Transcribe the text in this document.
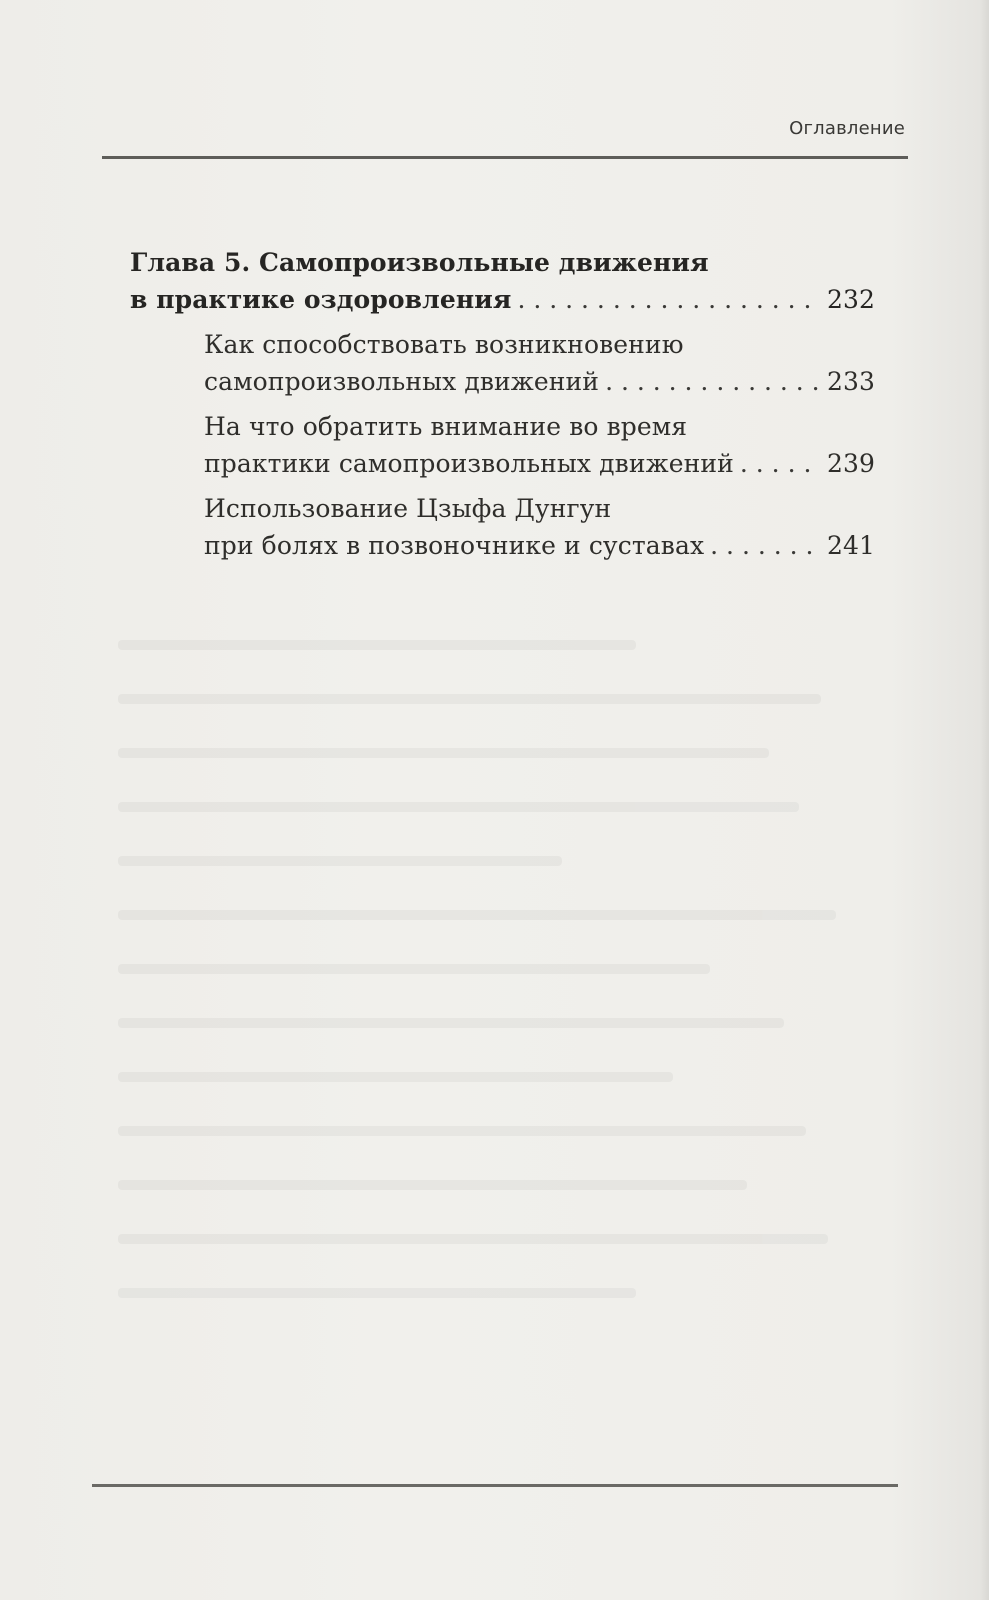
Оглавление
Глава 5. Самопроизвольные движения
в практике оздоровления . . .	232
Как способствовать возникновению
самопроизвольных движений . . .	233
На что обратить внимание во время
практики самопроизвольных движений . . .	239
Использование Цзыфа Дунгун
при болях в позвоночнике и суставах . . .	241
